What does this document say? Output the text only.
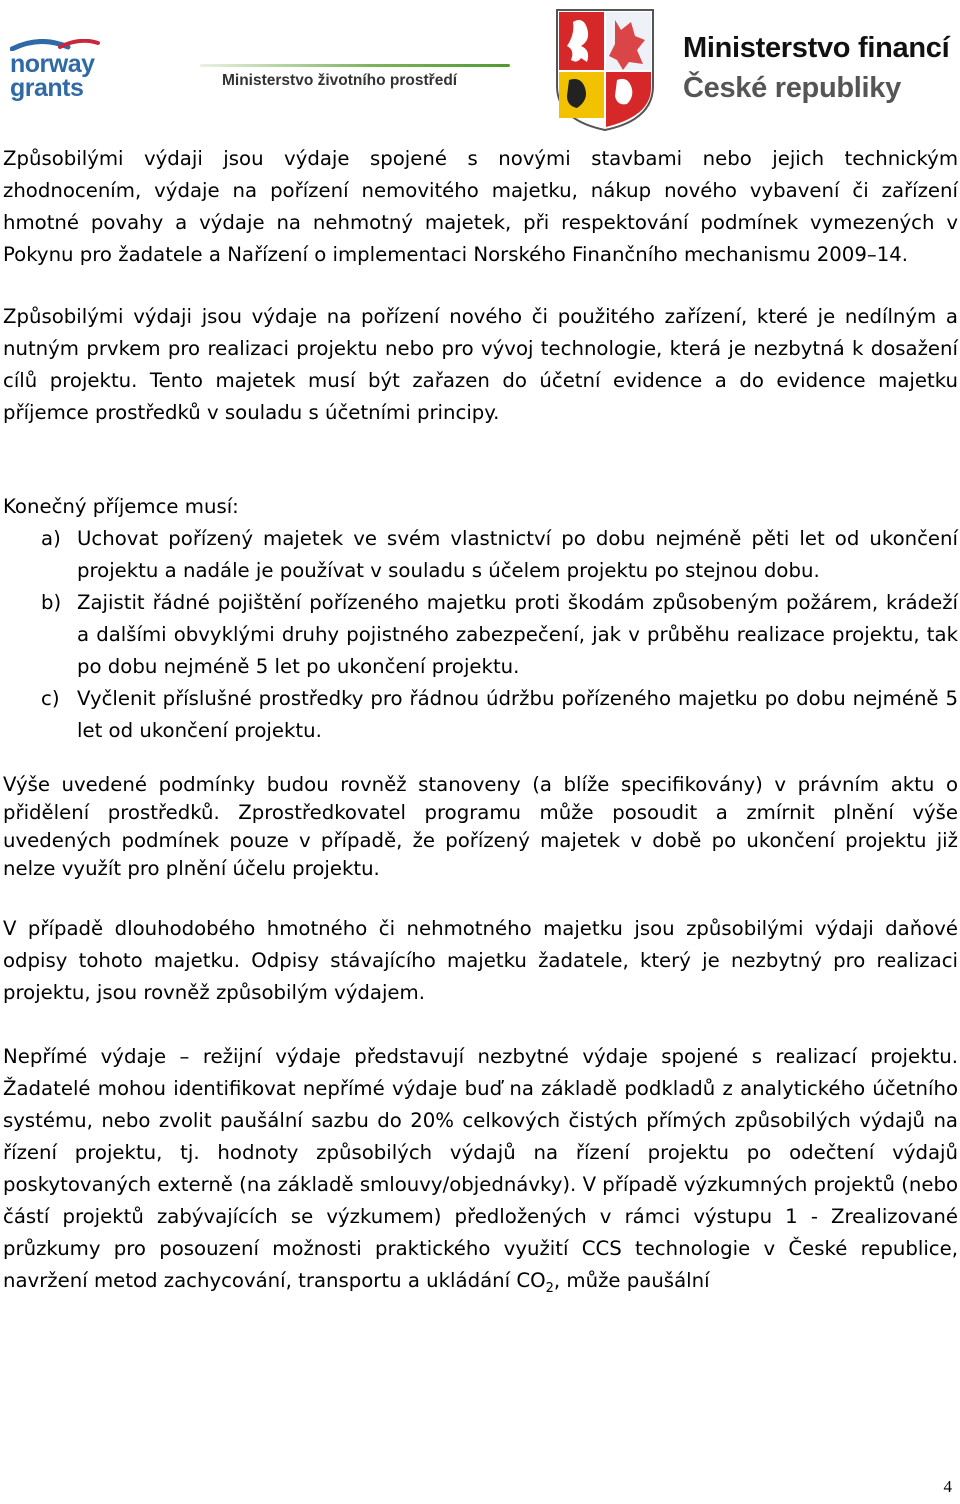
norway
grants	Ministerstvo životního prostředí
Ministerstvo financí
České republiky

Způsobilými výdaji jsou výdaje spojené s novými stavbami nebo jejich technickým zhodnocením, výdaje na pořízení nemovitého majetku, nákup nového vybavení či zařízení hmotné povahy a výdaje na nehmotný majetek, při respektování podmínek vymezených v Pokynu pro žadatele a Nařízení o implementaci Norského Finančního mechanismu 2009–14.

Způsobilými výdaji jsou výdaje na pořízení nového či použitého zařízení, které je nedílným a nutným prvkem pro realizaci projektu nebo pro vývoj technologie, která je nezbytná k dosažení cílů projektu. Tento majetek musí být zařazen do účetní evidence a do evidence majetku příjemce prostředků v souladu s účetními principy.

Konečný příjemce musí:

a) Uchovat pořízený majetek ve svém vlastnictví po dobu nejméně pěti let od ukončení projektu a nadále je používat v souladu s účelem projektu po stejnou dobu.
b) Zajistit řádné pojištění pořízeného majetku proti škodám způsobeným požárem, krádeží a dalšími obvyklými druhy pojistného zabezpečení, jak v průběhu realizace projektu, tak po dobu nejméně 5 let po ukončení projektu.
c) Vyčlenit příslušné prostředky pro řádnou údržbu pořízeného majetku po dobu nejméně 5 let od ukončení projektu.

Výše uvedené podmínky budou rovněž stanoveny (a blíže specifikovány) v právním aktu o přidělení prostředků. Zprostředkovatel programu může posoudit a zmírnit plnění výše uvedených podmínek pouze v případě, že pořízený majetek v době po ukončení projektu již nelze využít pro plnění účelu projektu.

V případě dlouhodobého hmotného či nehmotného majetku jsou způsobilými výdaji daňové odpisy tohoto majetku. Odpisy stávajícího majetku žadatele, který je nezbytný pro realizaci projektu, jsou rovněž způsobilým výdajem.

Nepřímé výdaje – režijní výdaje představují nezbytné výdaje spojené s realizací projektu. Žadatelé mohou identifikovat nepřímé výdaje buď na základě podkladů z analytického účetního systému, nebo zvolit paušální sazbu do 20% celkových čistých přímých způsobilých výdajů na řízení projektu, tj. hodnoty způsobilých výdajů na řízení projektu po odečtení výdajů poskytovaných externě (na základě smlouvy/objednávky). V případě výzkumných projektů (nebo částí projektů zabývajících se výzkumem) předložených v rámci výstupu 1 - Zrealizované průzkumy pro posouzení možnosti praktického využití CCS technologie v České republice, navržení metod zachycování, transportu a ukládání $CO_2$, může paušální

4
